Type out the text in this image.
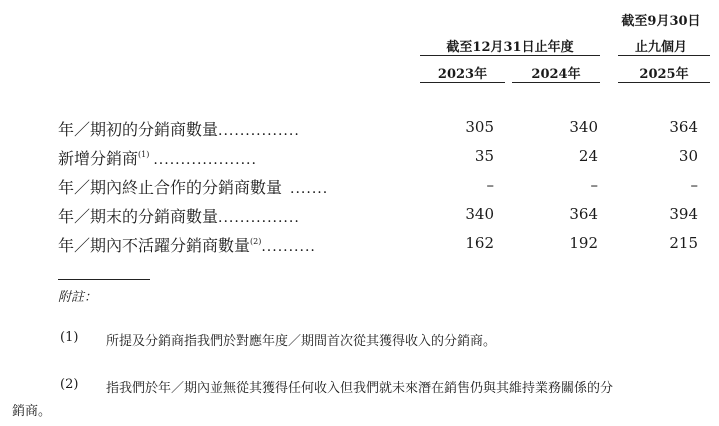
截至9月30日
截至12月31日止年度	止九個月
2023年	2024年	2025年
年／期初的分銷商數量...............	305	340	364
新增分銷商$^{(1)}$ ...................	35	24	30
年／期內終止合作的分銷商數量 .......	–	–	–
年／期末的分銷商數量...............	340	364	394
年／期內不活躍分銷商數量$^{(2)}$..........	162	192	215
附註：
(1) 所提及分銷商指我們於對應年度／期間首次從其獲得收入的分銷商。
(2) 指我們於年／期內並無從其獲得任何收入但我們就未來潛在銷售仍與其維持業務關係的分
銷商。
